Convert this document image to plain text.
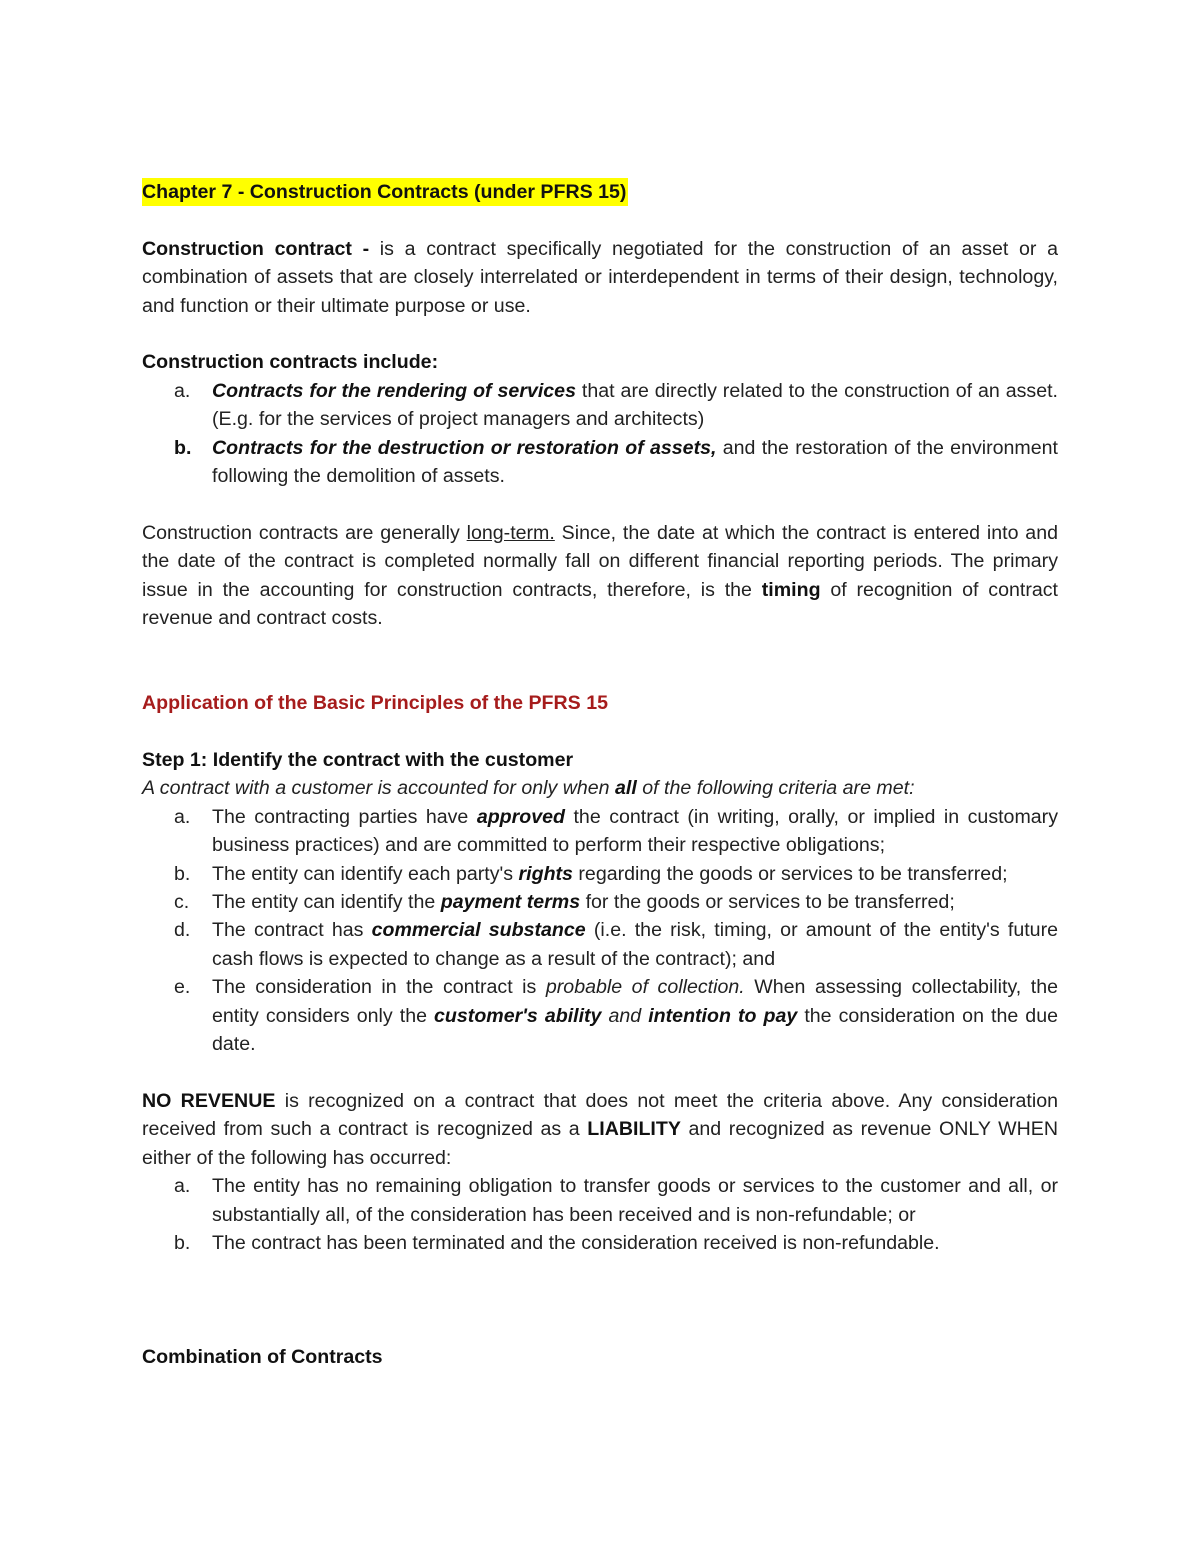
Chapter 7 - Construction Contracts (under PFRS 15)

Construction contract - is a contract specifically negotiated for the construction of an asset or a combination of assets that are closely interrelated or interdependent in terms of their design, technology, and function or their ultimate purpose or use.

Construction contracts include:

a.	Contracts for the rendering of services that are directly related to the construction of an asset. (E.g. for the services of project managers and architects)
b.	Contracts for the destruction or restoration of assets, and the restoration of the environment following the demolition of assets.

Construction contracts are generally long-term. Since, the date at which the contract is entered into and the date of the contract is completed normally fall on different financial reporting periods. The primary issue in the accounting for construction contracts, therefore, is the timing of recognition of contract revenue and contract costs.

Application of the Basic Principles of the PFRS 15

Step 1: Identify the contract with the customer

A contract with a customer is accounted for only when all of the following criteria are met:

a.	The contracting parties have approved the contract (in writing, orally, or implied in customary business practices) and are committed to perform their respective obligations;
b.	The entity can identify each party's rights regarding the goods or services to be transferred;
c.	The entity can identify the payment terms for the goods or services to be transferred;
d.	The contract has commercial substance (i.e. the risk, timing, or amount of the entity's future cash flows is expected to change as a result of the contract); and
e.	The consideration in the contract is probable of collection. When assessing collectability, the entity considers only the customer's ability and intention to pay the consideration on the due date.

NO REVENUE is recognized on a contract that does not meet the criteria above. Any consideration received from such a contract is recognized as a LIABILITY and recognized as revenue ONLY WHEN either of the following has occurred:

a.	The entity has no remaining obligation to transfer goods or services to the customer and all, or substantially all, of the consideration has been received and is non-refundable; or
b.	The contract has been terminated and the consideration received is non-refundable.

Combination of Contracts
